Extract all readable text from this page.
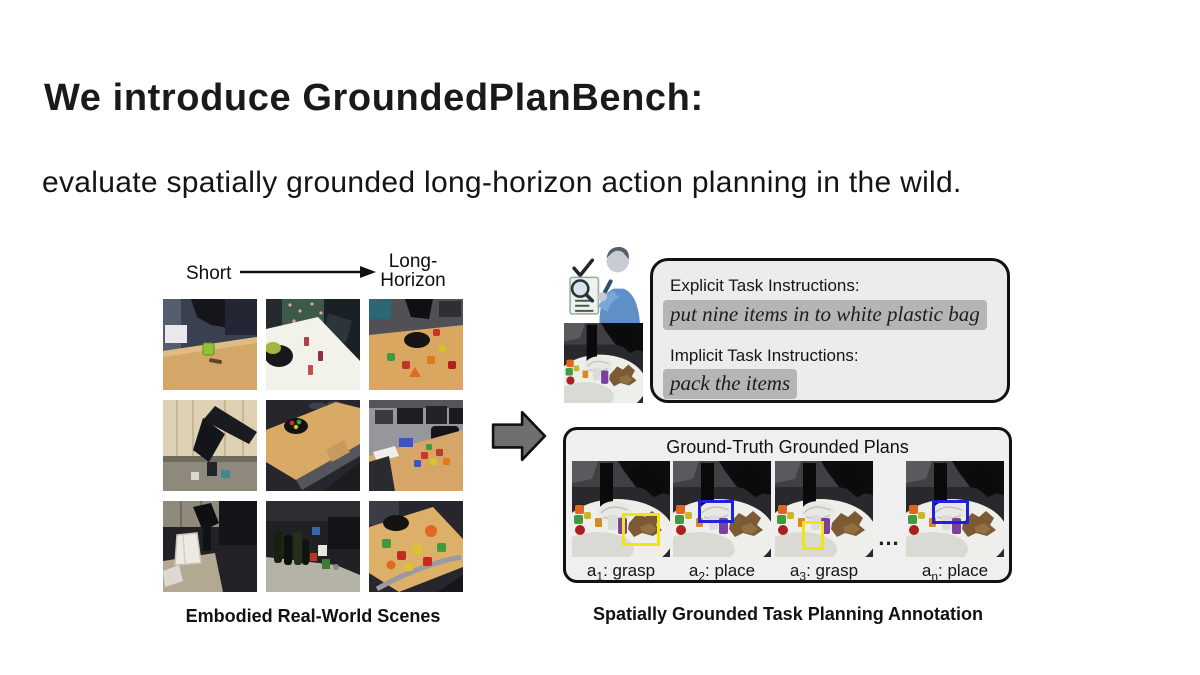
We introduce GroundedPlanBench:

evaluate spatially grounded long-horizon action planning in the wild.

Short
Long-
Horizon
Embodied Real-World Scenes
Explicit Task Instructions:
put nine items in to white plastic bag
Implicit Task Instructions:
pack the items
Ground-Truth Grounded Plans
$a_1$: grasp	$a_2$: place	$a_3$: grasp
...
$a_n$: place
Spatially Grounded Task Planning Annotation
